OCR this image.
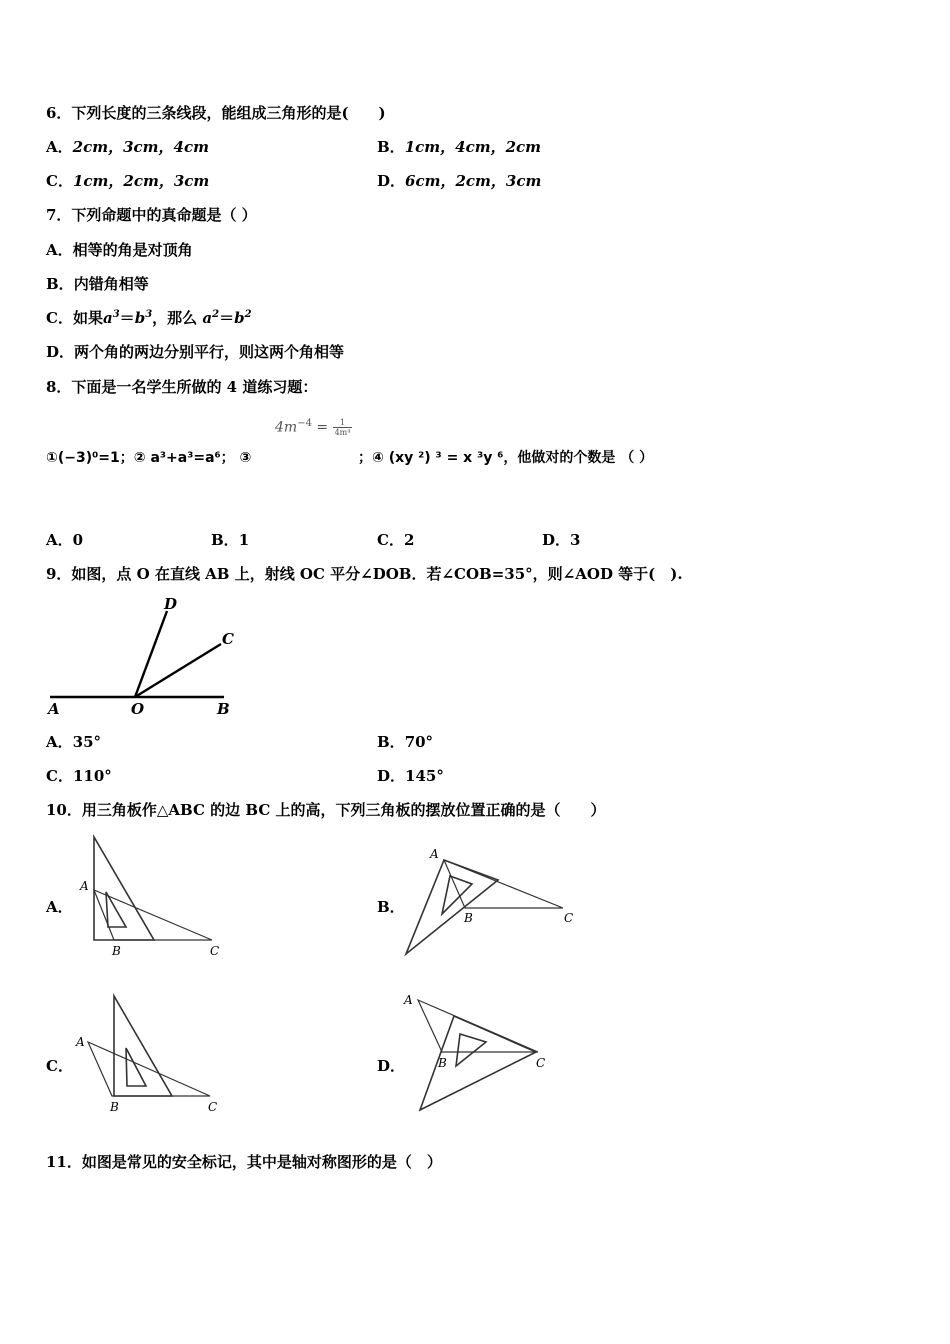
6．下列长度的三条线段，能组成三角形的是(　　)
A．2cm，3cm，4cm	B．1cm，4cm，2cm
C．1cm，2cm，3cm	D．6cm，2cm，3cm
7．下列命题中的真命题是（ ）
A．相等的角是对顶角
B．内错角相等
C．如果$a^3=b^3$，那么 $a^2=b^2$
D．两个角的两边分别平行，则这两个角相等
8．下面是一名学生所做的 4 道练习题：
$4m^{-4} = \frac{1}{\text{4m⁴}}$
①(−3)⁰=1；② a³+a³=a⁶； ③	；④ (xy ²) ³ = x ³y ⁶，他做对的个数是 （ ）
A．0	B．1	C．2	D．3
9．如图，点 O 在直线 AB 上，射线 OC 平分∠DOB．若∠COB=35°，则∠AOD 等于(　).
A	O	B
C
D
A．35°	B．70°
C．110°	D．145°
10．用三角板作△ABC 的边 BC 上的高，下列三角板的摆放位置正确的是（　　）
A．
A
B	C
B．
A
B	C
C．
A
B	C
D．
A
B	C
11．如图是常见的安全标记，其中是轴对称图形的是（　）
